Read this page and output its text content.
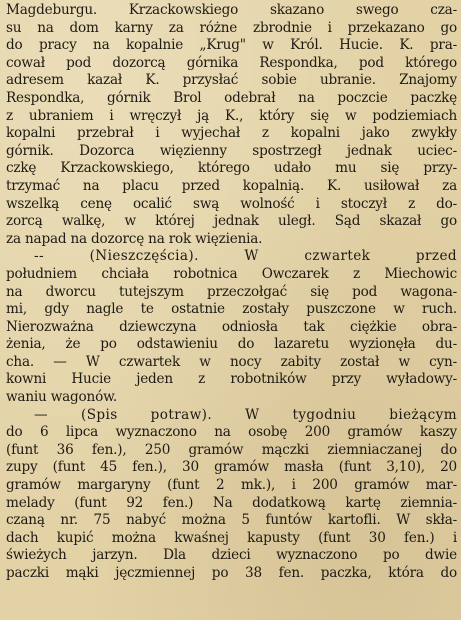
Magdeburgu. Krzackowskiego skazano swego cza-
su na dom karny za różne zbrodnie i przekazano go
do pracy na kopalnie „Krug" w Król. Hucie. K. pra-
cował pod dozorcą górnika Respondka, pod którego
adresem kazał K. przysłać sobie ubranie. Znajomy
Respondka, górnik Brol odebrał na poczcie paczkę
z ubraniem i wręczył ją K., który się w podziemiach
kopalni przebrał i wyjechał z kopalni jako zwykły
górnik. Dozorca więzienny spostrzegł jednak uciec-
czkę Krzackowskiego, którego udało mu się przy-
trzymać na placu przed kopalnią. K. usiłował za
wszelką cenę ocalić swą wolność i stoczył z do-
zorcą walkę, w której jednak uległ. Sąd skazał go
za napad na dozorcę na rok więzienia.
-- (Nieszczęścia). W czwartek przed
południem chciała robotnica Owczarek z Miechowic
na dworcu tutejszym przeczołgać się pod wagona-
mi, gdy nagle te ostatnie zostały puszczone w ruch.
Nierozważna dziewczyna odniosła tak ciężkie obra-
żenia, że po odstawieniu do lazaretu wyzionęła du-
cha. — W czwartek w nocy zabity został w cyn-
kowni Hucie jeden z robotników przy wyładowy-
waniu wagonów.
— (Spis potraw). W tygodniu bieżącym
do 6 lipca wyznaczono na osobę 200 gramów kaszy
(funt 36 fen.), 250 gramów mączki ziemniaczanej do
zupy (funt 45 fen.), 30 gramów masła (funt 3,10), 20
gramów margaryny (funt 2 mk.), i 200 gramów mar-
melady (funt 92 fen.) Na dodatkową kartę ziemnia-
czaną nr. 75 nabyć można 5 funtów kartofli. W skła-
dach kupić można kwaśnej kapusty (funt 30 fen.) i
świeżych jarzyn. Dla dzieci wyznaczono po dwie
paczki mąki jęczmiennej po 38 fen. paczka, która do
